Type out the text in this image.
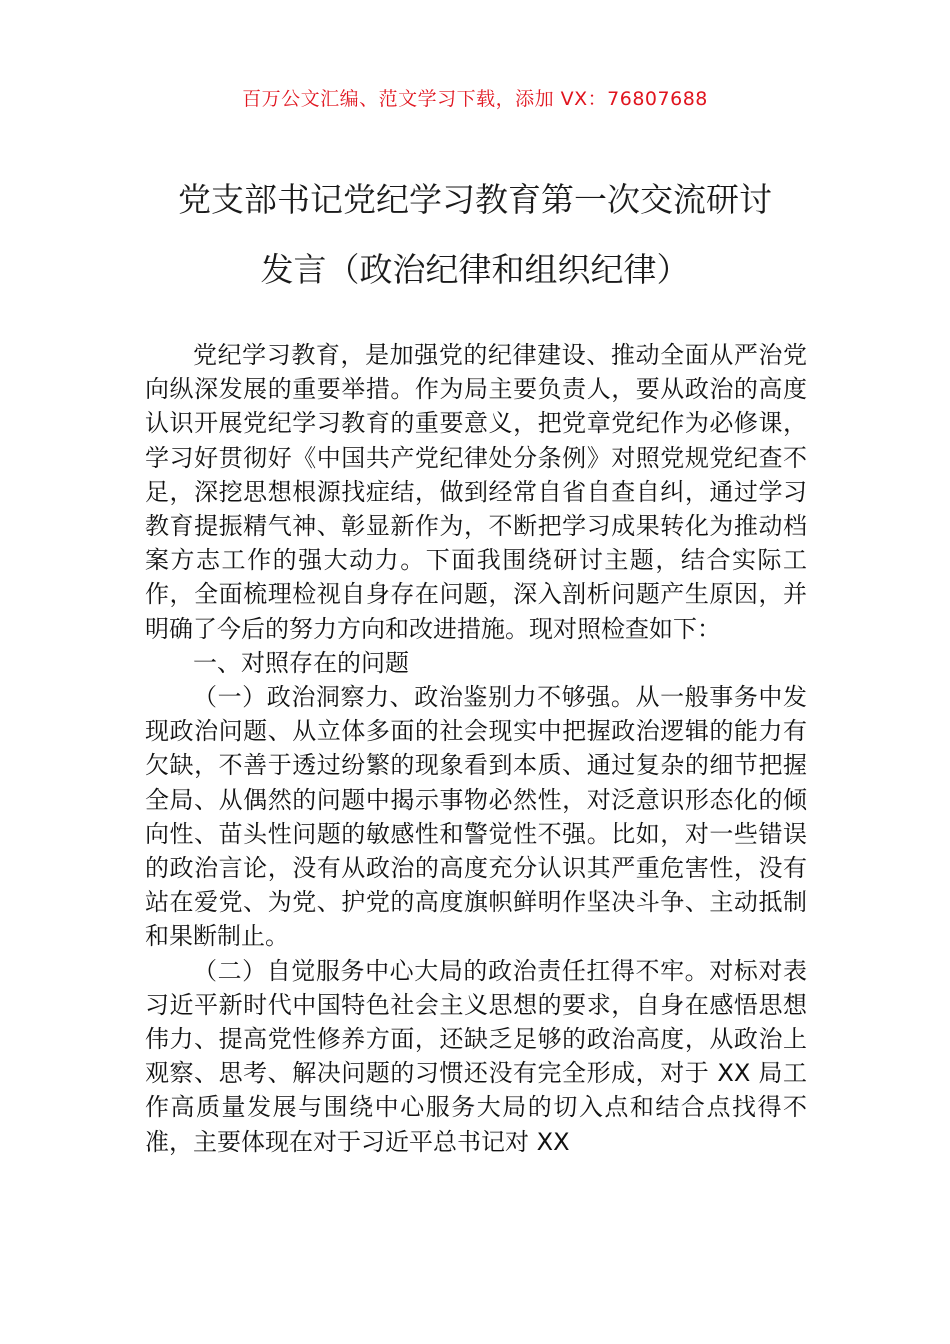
百万公文汇编、范文学习下载，添加 VX：76807688
党支部书记党纪学习教育第一次交流研讨
发言（政治纪律和组织纪律）

党纪学习教育，是加强党的纪律建设、推动全面从严治党向纵深发展的重要举措。作为局主要负责人，要从政治的高度认识开展党纪学习教育的重要意义，把党章党纪作为必修课，学习好贯彻好《中国共产党纪律处分条例》对照党规党纪查不足，深挖思想根源找症结，做到经常自省自查自纠，通过学习教育提振精气神、彰显新作为，不断把学习成果转化为推动档案方志工作的强大动力。下面我围绕研讨主题，结合实际工作，全面梳理检视自身存在问题，深入剖析问题产生原因，并明确了今后的努力方向和改进措施。现对照检查如下：

一、对照存在的问题

（一）政治洞察力、政治鉴别力不够强。从一般事务中发现政治问题、从立体多面的社会现实中把握政治逻辑的能力有欠缺，不善于透过纷繁的现象看到本质、通过复杂的细节把握全局、从偶然的问题中揭示事物必然性，对泛意识形态化的倾向性、苗头性问题的敏感性和警觉性不强。比如，对一些错误的政治言论，没有从政治的高度充分认识其严重危害性，没有站在爱党、为党、护党的高度旗帜鲜明作坚决斗争、主动抵制和果断制止。

（二）自觉服务中心大局的政治责任扛得不牢。对标对表习近平新时代中国特色社会主义思想的要求，自身在感悟思想伟力、提高党性修养方面，还缺乏足够的政治高度，从政治上观察、思考、解决问题的习惯还没有完全形成，对于 XX 局工作高质量发展与围绕中心服务大局的切入点和结合点找得不准，主要体现在对于习近平总书记对 XX
